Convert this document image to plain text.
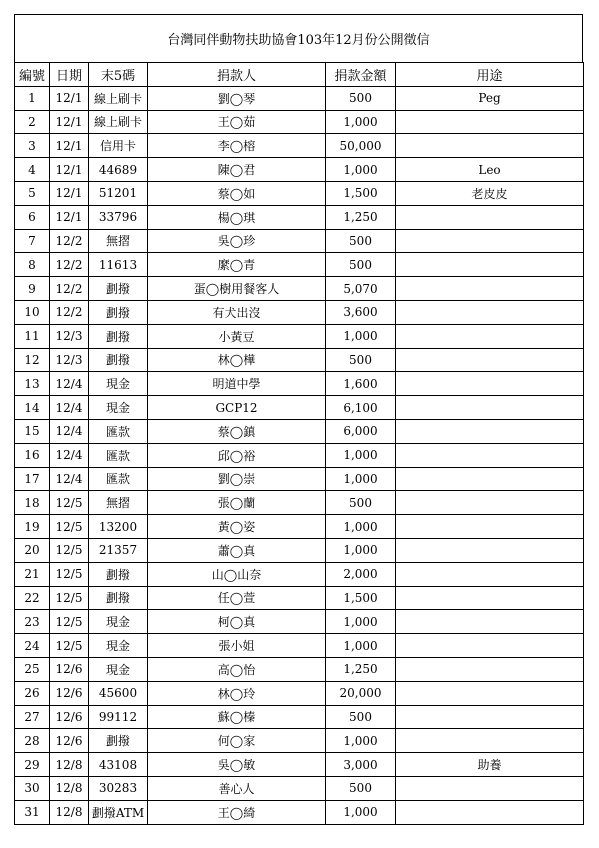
台灣同伴動物扶助協會103年12月份公開徵信
編號	日期	末5碼	捐款人	捐款金額	用途
1	12/1	線上刷卡	劉◯琴	500	Peg
2	12/1	線上刷卡	王◯茹	1,000	
3	12/1	信用卡	李◯榕	50,000	
4	12/1	44689	陳◯君	1,000	Leo
5	12/1	51201	蔡◯如	1,500	老皮皮
6	12/1	33796	楊◯琪	1,250	
7	12/2	無摺	吳◯珍	500	
8	12/2	11613	縻◯青	500	
9	12/2	劃撥	蛋◯樹用餐客人	5,070	
10	12/2	劃撥	有犬出沒	3,600	
11	12/3	劃撥	小黃豆	1,000	
12	12/3	劃撥	林◯樺	500	
13	12/4	現金	明道中學	1,600	
14	12/4	現金	GCP12	6,100	
15	12/4	匯款	蔡◯鎮	6,000	
16	12/4	匯款	邱◯裕	1,000	
17	12/4	匯款	劉◯崇	1,000	
18	12/5	無摺	張◯蘭	500	
19	12/5	13200	黃◯姿	1,000	
20	12/5	21357	蕭◯真	1,000	
21	12/5	劃撥	山◯山奈	2,000	
22	12/5	劃撥	任◯萱	1,500	
23	12/5	現金	柯◯真	1,000	
24	12/5	現金	張小姐	1,000	
25	12/6	現金	高◯怡	1,250	
26	12/6	45600	林◯玲	20,000	
27	12/6	99112	蘇◯榛	500	
28	12/6	劃撥	何◯家	1,000	
29	12/8	43108	吳◯敏	3,000	助養
30	12/8	30283	善心人	500	
31	12/8	劃撥ATM	王◯綺	1,000	
